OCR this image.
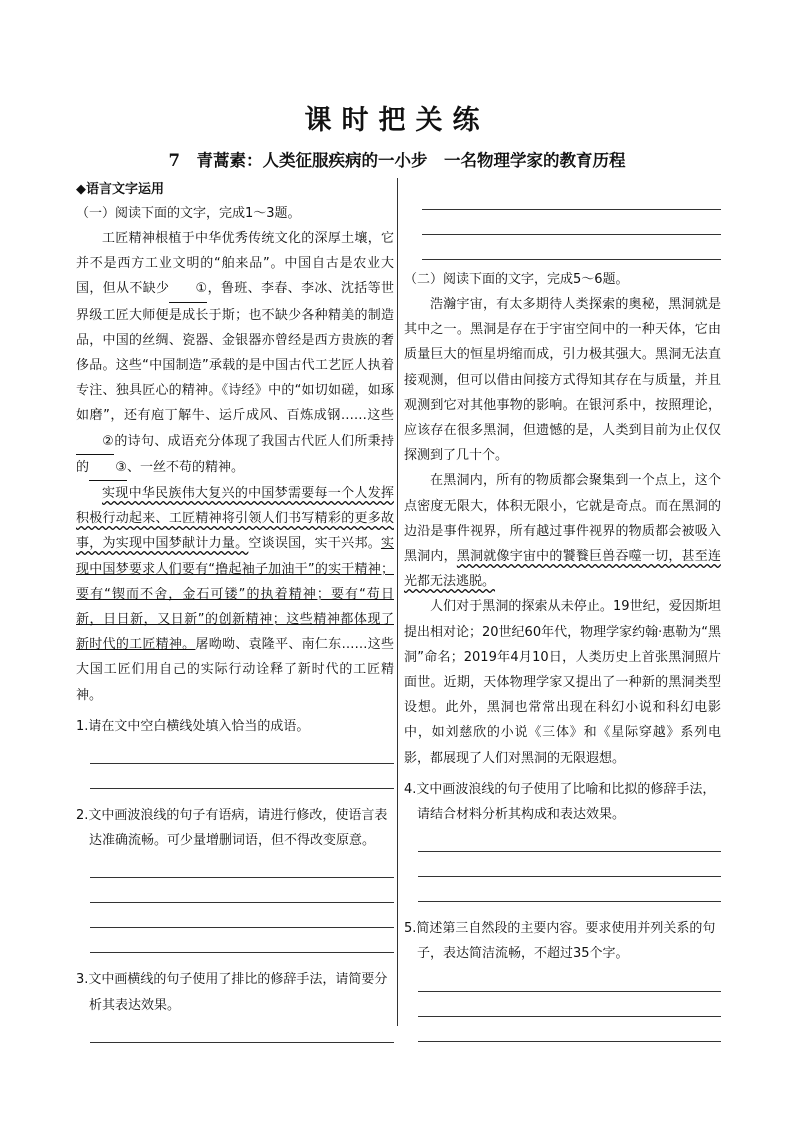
课时把关练
7　青蒿素：人类征服疾病的一小步　一名物理学家的教育历程

◆语言文字运用

（一）阅读下面的文字，完成1～3题。

工匠精神根植于中华优秀传统文化的深厚土壤，它并不是西方工业文明的“舶来品”。中国自古是农业大国，但从不缺少 ①，鲁班、李春、李冰、沈括等世界级工匠大师便是成长于斯；也不缺少各种精美的制造品，中国的丝绸、瓷器、金银器亦曾经是西方贵族的奢侈品。这些“中国制造”承载的是中国古代工艺匠人执着专注、独具匠心的精神。《诗经》中的“如切如磋，如琢如磨”，还有庖丁解牛、运斤成风、百炼成钢……这些②的诗句、成语充分体现了我国古代匠人们所秉持的 ③、一丝不苟的精神。

实现中华民族伟大复兴的中国梦需要每一个人发挥积极行动起来、工匠精神将引领人们书写精彩的更多故事，为实现中国梦献计力量。空谈误国，实干兴邦。实现中国梦要求人们要有“撸起袖子加油干”的实干精神；要有“锲而不舍，金石可镂”的执着精神；要有“苟日新，日日新，又日新”的创新精神；这些精神都体现了新时代的工匠精神。屠呦呦、袁隆平、南仁东……这些大国工匠们用自己的实际行动诠释了新时代的工匠精神。

1.请在文中空白横线处填入恰当的成语。

2.文中画波浪线的句子有语病，请进行修改，使语言表达准确流畅。可少量增删词语，但不得改变原意。

3.文中画横线的句子使用了排比的修辞手法，请简要分析其表达效果。

（二）阅读下面的文字，完成5～6题。

浩瀚宇宙，有太多期待人类探索的奥秘，黑洞就是其中之一。黑洞是存在于宇宙空间中的一种天体，它由质量巨大的恒星坍缩而成，引力极其强大。黑洞无法直接观测，但可以借由间接方式得知其存在与质量，并且观测到它对其他事物的影响。在银河系中，按照理论，应该存在很多黑洞，但遗憾的是，人类到目前为止仅仅探测到了几十个。

在黑洞内，所有的物质都会聚集到一个点上，这个点密度无限大，体积无限小，它就是奇点。而在黑洞的边沿是事件视界，所有越过事件视界的物质都会被吸入黑洞内，黑洞就像宇宙中的饕餮巨兽吞噬一切，甚至连光都无法逃脱。

人们对于黑洞的探索从未停止。19世纪，爱因斯坦提出相对论；20世纪60年代，物理学家约翰·惠勒为“黑洞”命名；2019年4月10日，人类历史上首张黑洞照片面世。近期，天体物理学家又提出了一种新的黑洞类型设想。此外，黑洞也常常出现在科幻小说和科幻电影中，如刘慈欣的小说《三体》和《星际穿越》系列电影，都展现了人们对黑洞的无限遐想。

4.文中画波浪线的句子使用了比喻和比拟的修辞手法，请结合材料分析其构成和表达效果。

5.简述第三自然段的主要内容。要求使用并列关系的句子，表达简洁流畅，不超过35个字。
